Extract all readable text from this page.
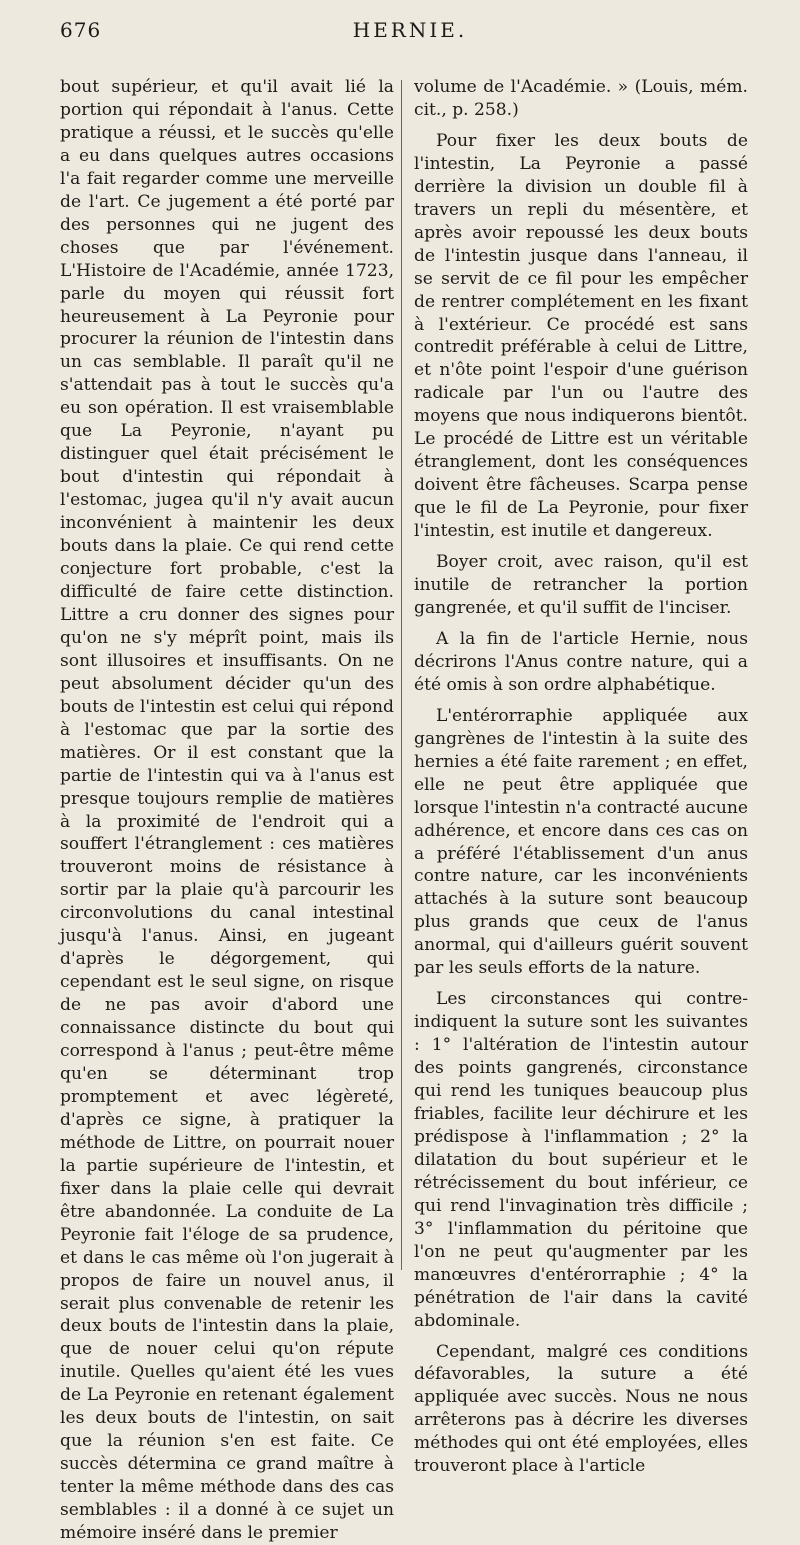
676	HERNIE.

bout supérieur, et qu'il avait lié la portion qui répondait à l'anus. Cette pratique a réussi, et le succès qu'elle a eu dans quelques autres occasions l'a fait regarder comme une merveille de l'art. Ce jugement a été porté par des personnes qui ne jugent des choses que par l'événement. L'Histoire de l'Académie, année 1723, parle du moyen qui réussit fort heureusement à La Peyronie pour procurer la réunion de l'intestin dans un cas semblable. Il paraît qu'il ne s'attendait pas à tout le succès qu'a eu son opération. Il est vraisemblable que La Peyronie, n'ayant pu distinguer quel était précisément le bout d'intestin qui répondait à l'estomac, jugea qu'il n'y avait aucun inconvénient à maintenir les deux bouts dans la plaie. Ce qui rend cette conjecture fort probable, c'est la difficulté de faire cette distinction. Littre a cru donner des signes pour qu'on ne s'y méprît point, mais ils sont illusoires et insuffisants. On ne peut absolument décider qu'un des bouts de l'intestin est celui qui répond à l'estomac que par la sortie des matières. Or il est constant que la partie de l'intestin qui va à l'anus est presque toujours remplie de matières à la proximité de l'endroit qui a souffert l'étranglement : ces matières trouveront moins de résistance à sortir par la plaie qu'à parcourir les circonvolutions du canal intestinal jusqu'à l'anus. Ainsi, en jugeant d'après le dégorgement, qui cependant est le seul signe, on risque de ne pas avoir d'abord une connaissance distincte du bout qui correspond à l'anus ; peut-être même qu'en se déterminant trop promptement et avec légèreté, d'après ce signe, à pratiquer la méthode de Littre, on pourrait nouer la partie supérieure de l'intestin, et fixer dans la plaie celle qui devrait être abandonnée. La conduite de La Peyronie fait l'éloge de sa prudence, et dans le cas même où l'on jugerait à propos de faire un nouvel anus, il serait plus convenable de retenir les deux bouts de l'intestin dans la plaie, que de nouer celui qu'on répute inutile. Quelles qu'aient été les vues de La Peyronie en retenant également les deux bouts de l'intestin, on sait que la réunion s'en est faite. Ce succès détermina ce grand maître à tenter la même méthode dans des cas semblables : il a donné à ce sujet un mémoire inséré dans le premier

volume de l'Académie. » (Louis, mém. cit., p. 258.)

Pour fixer les deux bouts de l'intestin, La Peyronie a passé derrière la division un double fil à travers un repli du mésentère, et après avoir repoussé les deux bouts de l'intestin jusque dans l'anneau, il se servit de ce fil pour les empêcher de rentrer complétement en les fixant à l'extérieur. Ce procédé est sans contredit préférable à celui de Littre, et n'ôte point l'espoir d'une guérison radicale par l'un ou l'autre des moyens que nous indiquerons bientôt. Le procédé de Littre est un véritable étranglement, dont les conséquences doivent être fâcheuses. Scarpa pense que le fil de La Peyronie, pour fixer l'intestin, est inutile et dangereux.

Boyer croit, avec raison, qu'il est inutile de retrancher la portion gangrenée, et qu'il suffit de l'inciser.

A la fin de l'article Hernie, nous décrirons l'Anus contre nature, qui a été omis à son ordre alphabétique.

L'entérorraphie appliquée aux gangrènes de l'intestin à la suite des hernies a été faite rarement ; en effet, elle ne peut être appliquée que lorsque l'intestin n'a contracté aucune adhérence, et encore dans ces cas on a préféré l'établissement d'un anus contre nature, car les inconvénients attachés à la suture sont beaucoup plus grands que ceux de l'anus anormal, qui d'ailleurs guérit souvent par les seuls efforts de la nature.

Les circonstances qui contre-indiquent la suture sont les suivantes : 1° l'altération de l'intestin autour des points gangrenés, circonstance qui rend les tuniques beaucoup plus friables, facilite leur déchirure et les prédispose à l'inflammation ; 2° la dilatation du bout supérieur et le rétrécissement du bout inférieur, ce qui rend l'invagination très difficile ; 3° l'inflammation du péritoine que l'on ne peut qu'augmenter par les manœuvres d'entérorraphie ; 4° la pénétration de l'air dans la cavité abdominale.

Cependant, malgré ces conditions défavorables, la suture a été appliquée avec succès. Nous ne nous arrêterons pas à décrire les diverses méthodes qui ont été employées, elles trouveront place à l'article
